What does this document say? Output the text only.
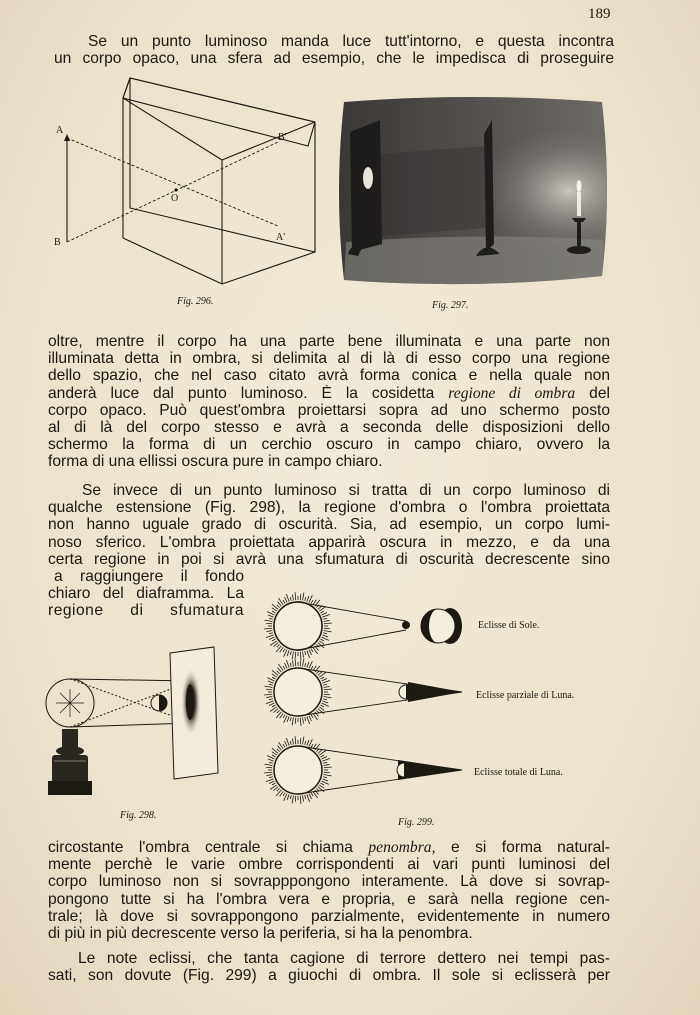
189
Se un punto luminoso manda luce tutt'intorno, e questa incontra
un corpo opaco, una sfera ad esempio, che le impedisca di proseguire
A
B
B'
O
A'
Fig. 296.	Fig. 297.
oltre, mentre il corpo ha una parte bene illuminata e una parte non
illuminata detta in ombra, si delimita al di là di esso corpo una regione
dello spazio, che nel caso citato avrà forma conica e nella quale non
anderà luce dal punto luminoso. È la cosidetta regione di ombra del
corpo opaco. Può quest'ombra proiettarsi sopra ad uno schermo posto
al di là del corpo stesso e avrà a seconda delle disposizioni dello
schermo la forma di un cerchio oscuro in campo chiaro, ovvero la
forma di una ellissi oscura pure in campo chiaro.
Se invece di un punto luminoso si tratta di un corpo luminoso di
qualche estensione (Fig. 298), la regione d'ombra o l'ombra proiettata
non hanno uguale grado di oscurità. Sia, ad esempio, un corpo lumi-
noso sferico. L'ombra proiettata apparirà oscura in mezzo, e da una
certa regione in poi si avrà una sfumatura di oscurità decrescente sino
a raggiungere il fondo
chiaro del diaframma. La
regione di sfumatura
Fig. 298.
Eclisse di Sole.
Eclisse parziale di Luna.
Eclisse totale di Luna.
Fig. 299.
circostante l'ombra centrale si chiama penombra, e si forma natural-
mente perchè le varie ombre corrispondenti ai vari punti luminosi del
corpo luminoso non si sovrapppongono interamente. Là dove si sovrap-
pongono tutte si ha l'ombra vera e propria, e sarà nella regione cen-
trale; là dove si sovrappongono parzialmente, evidentemente in numero
di più in più decrescente verso la periferia, si ha la penombra.
Le note eclissi, che tanta cagione di terrore dettero nei tempi pas-
sati, son dovute (Fig. 299) a giuochi di ombra. Il sole si eclisserà per
